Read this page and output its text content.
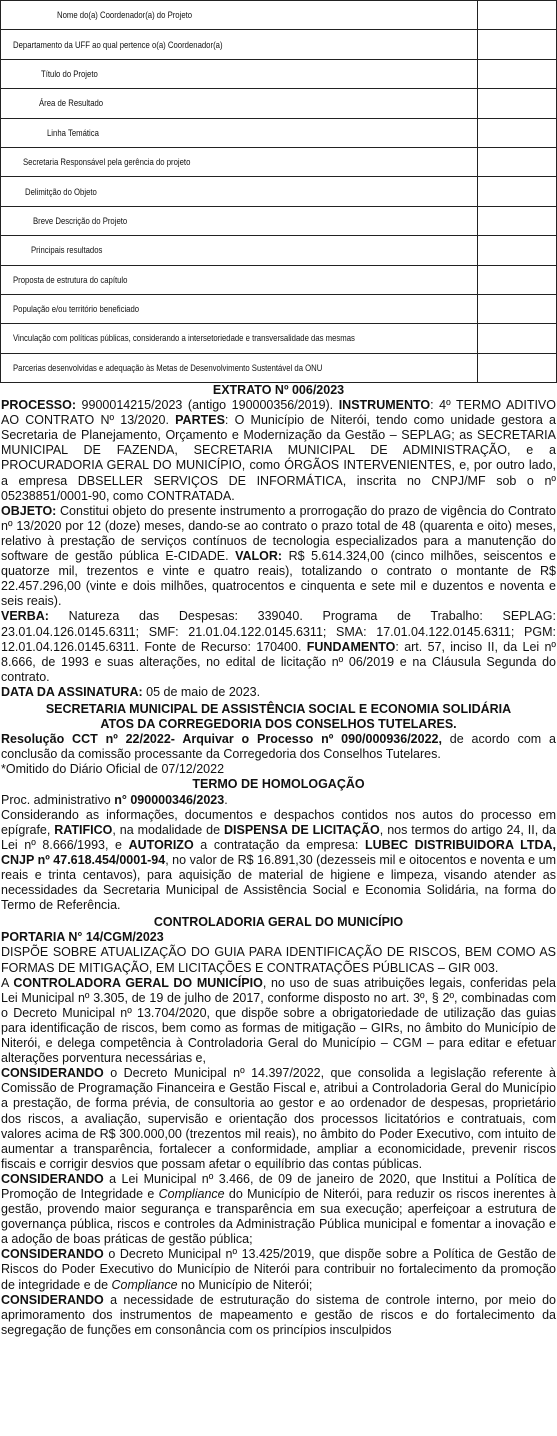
Nome do(a) Coordenador(a) do Projeto	
Departamento da UFF ao qual pertence o(a) Coordenador(a)	
Título do Projeto	
Área de Resultado	
Linha Temática	
Secretaria Responsável pela gerência do projeto	
Delimitção do Objeto	
Breve Descrição do Projeto	
Principais resultados	
Proposta de estrutura do capítulo	
População e/ou território beneficiado	
Vinculação com políticas públicas, considerando a intersetoriedade e transversalidade das mesmas	
Parcerias desenvolvidas e adequação às Metas de Desenvolvimento Sustentável da ONU	

EXTRATO Nº 006/2023

PROCESSO: 9900014215/2023 (antigo 190000356/2019). INSTRUMENTO: 4º TERMO ADITIVO AO CONTRATO Nº 13/2020. PARTES: O Município de Niterói, tendo como unidade gestora a Secretaria de Planejamento, Orçamento e Modernização da Gestão – SEPLAG; as SECRETARIA MUNICIPAL DE FAZENDA, SECRETARIA MUNICIPAL DE ADMINISTRAÇÃO, e a PROCURADORIA GERAL DO MUNICÍPIO, como ÓRGÃOS INTERVENIENTES, e, por outro lado, a empresa DBSELLER SERVIÇOS DE INFORMÁTICA, inscrita no CNPJ/MF sob o nº 05238851/0001-90, como CONTRATADA.

OBJETO: Constitui objeto do presente instrumento a prorrogação do prazo de vigência do Contrato nº 13/2020 por 12 (doze) meses, dando-se ao contrato o prazo total de 48 (quarenta e oito) meses, relativo à prestação de serviços contínuos de tecnologia especializados para a manutenção do software de gestão pública E-CIDADE. VALOR: R$ 5.614.324,00 (cinco milhões, seiscentos e quatorze mil, trezentos e vinte e quatro reais), totalizando o contrato o montante de R$ 22.457.296,00 (vinte e dois milhões, quatrocentos e cinquenta e sete mil e duzentos e noventa e seis reais).

VERBA: Natureza das Despesas: 339040. Programa de Trabalho: SEPLAG: 23.01.04.126.0145.6311; SMF: 21.01.04.122.0145.6311; SMA: 17.01.04.122.0145.6311; PGM: 12.01.04.126.0145.6311. Fonte de Recurso: 170400. FUNDAMENTO: art. 57, inciso II, da Lei nº 8.666, de 1993 e suas alterações, no edital de licitação nº 06/2019 e na Cláusula Segunda do contrato.

DATA DA ASSINATURA: 05 de maio de 2023.

SECRETARIA MUNICIPAL DE ASSISTÊNCIA SOCIAL E ECONOMIA SOLIDÁRIA

ATOS DA CORREGEDORIA DOS CONSELHOS TUTELARES.

Resolução CCT nº 22/2022- Arquivar o Processo nº 090/000936/2022, de acordo com a conclusão da comissão processante da Corregedoria dos Conselhos Tutelares.

*Omitido do Diário Oficial de 07/12/2022

TERMO DE HOMOLOGAÇÃO

Proc. administrativo n° 090000346/2023.

Considerando as informações, documentos e despachos contidos nos autos do processo em epígrafe, RATIFICO, na modalidade de DISPENSA DE LICITAÇÃO, nos termos do artigo 24, II, da Lei nº 8.666/1993, e AUTORIZO a contratação da empresa: LUBEC DISTRIBUIDORA LTDA, CNJP nº 47.618.454/0001-94, no valor de R$ 16.891,30 (dezesseis mil e oitocentos e noventa e um reais e trinta centavos), para aquisição de material de higiene e limpeza, visando atender as necessidades da Secretaria Municipal de Assistência Social e Economia Solidária, na forma do Termo de Referência.

CONTROLADORIA GERAL DO MUNICÍPIO

PORTARIA N° 14/CGM/2023

DISPÕE SOBRE ATUALIZAÇÃO DO GUIA PARA IDENTIFICAÇÃO DE RISCOS, BEM COMO AS FORMAS DE MITIGAÇÃO, EM LICITAÇÕES E CONTRATAÇÕES PÚBLICAS – GIR 003.

A CONTROLADORA GERAL DO MUNICÍPIO, no uso de suas atribuições legais, conferidas pela Lei Municipal nº 3.305, de 19 de julho de 2017, conforme disposto no art. 3º, § 2º, combinadas com o Decreto Municipal nº 13.704/2020, que dispõe sobre a obrigatoriedade de utilização das guias para identificação de riscos, bem como as formas de mitigação – GIRs, no âmbito do Município de Niterói, e delega competência à Controladoria Geral do Município – CGM – para editar e efetuar alterações porventura necessárias e,

CONSIDERANDO o Decreto Municipal nº 14.397/2022, que consolida a legislação referente à Comissão de Programação Financeira e Gestão Fiscal e, atribui a Controladoria Geral do Município a prestação, de forma prévia, de consultoria ao gestor e ao ordenador de despesas, proprietário dos riscos, a avaliação, supervisão e orientação dos processos licitatórios e contratuais, com valores acima de R$ 300.000,00 (trezentos mil reais), no âmbito do Poder Executivo, com intuito de aumentar a transparência, fortalecer a conformidade, ampliar a economicidade, prevenir riscos fiscais e corrigir desvios que possam afetar o equilíbrio das contas públicas.

CONSIDERANDO a Lei Municipal nº 3.466, de 09 de janeiro de 2020, que Institui a Política de Promoção de Integridade e Compliance do Município de Niterói, para reduzir os riscos inerentes à gestão, provendo maior segurança e transparência em sua execução; aperfeiçoar a estrutura de governança pública, riscos e controles da Administração Pública municipal e fomentar a inovação e a adoção de boas práticas de gestão pública;

CONSIDERANDO o Decreto Municipal nº 13.425/2019, que dispõe sobre a Política de Gestão de Riscos do Poder Executivo do Município de Niterói para contribuir no fortalecimento da promoção de integridade e de Compliance no Município de Niterói;

CONSIDERANDO a necessidade de estruturação do sistema de controle interno, por meio do aprimoramento dos instrumentos de mapeamento e gestão de riscos e do fortalecimento da segregação de funções em consonância com os princípios insculpidos
